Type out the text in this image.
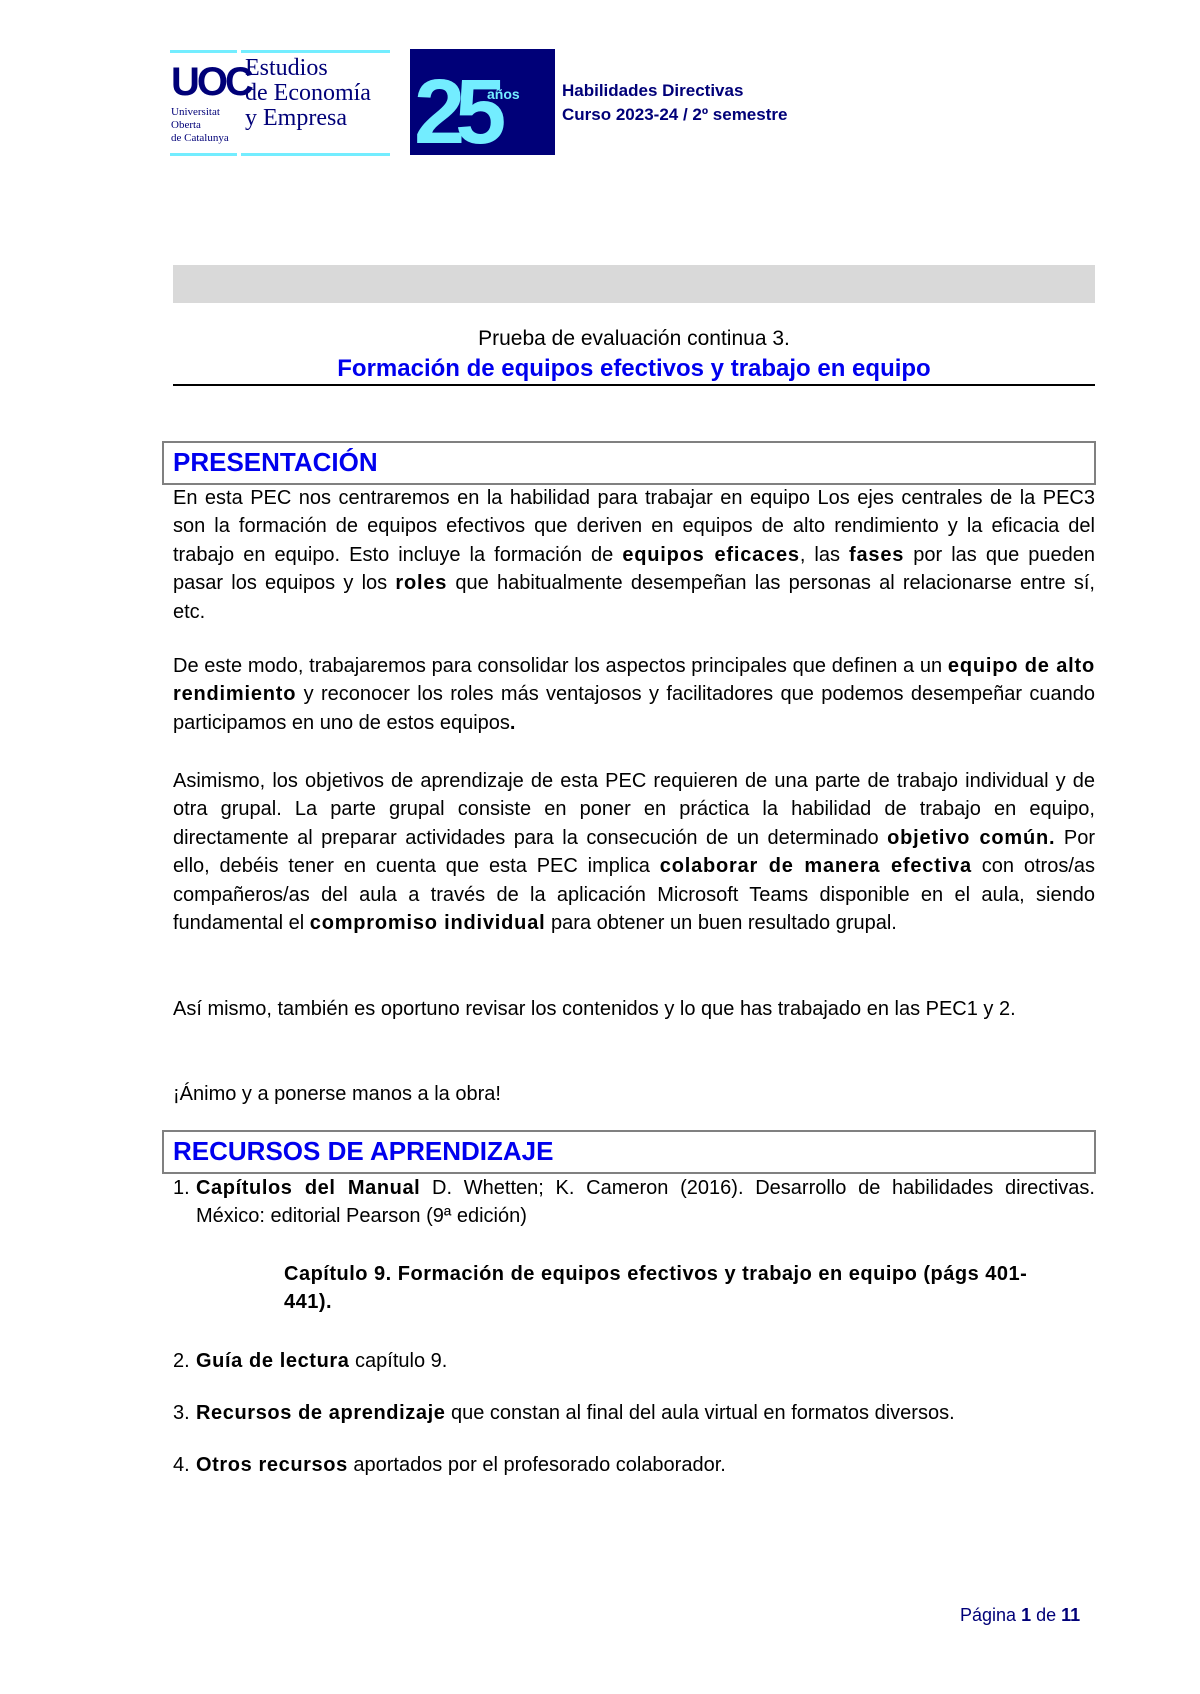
UOC
Universitat
Oberta
de Catalunya
Estudios
de Economía
y Empresa 25
años Habilidades Directivas
Curso 2023-24 / 2º semestre
Prueba de evaluación continua 3.
Formación de equipos efectivos y trabajo en equipo
PRESENTACIÓN

En esta PEC nos centraremos en la habilidad para trabajar en equipo Los ejes centrales de la PEC3 son la formación de equipos efectivos que deriven en equipos de alto rendimiento y la eficacia del trabajo en equipo. Esto incluye la formación de equipos eficaces, las fases por las que pueden pasar los equipos y los roles que habitualmente desempeñan las personas al relacionarse entre sí, etc.

De este modo, trabajaremos para consolidar los aspectos principales que definen a un equipo de alto rendimiento y reconocer los roles más ventajosos y facilitadores que podemos desempeñar cuando participamos en uno de estos equipos.

Asimismo, los objetivos de aprendizaje de esta PEC requieren de una parte de trabajo individual y de otra grupal. La parte grupal consiste en poner en práctica la habilidad de trabajo en equipo, directamente al preparar actividades para la consecución de un determinado objetivo común. Por ello, debéis tener en cuenta que esta PEC implica colaborar de manera efectiva con otros/as compañeros/as del aula a través de la aplicación Microsoft Teams disponible en el aula, siendo fundamental el compromiso individual para obtener un buen resultado grupal.

Así mismo, también es oportuno revisar los contenidos y lo que has trabajado en las PEC1 y 2.

¡Ánimo y a ponerse manos a la obra!

RECURSOS DE APRENDIZAJE
1. Capítulos del Manual D. Whetten; K. Cameron (2016). Desarrollo de habilidades directivas. México: editorial Pearson (9ª edición)
Capítulo 9. Formación de equipos efectivos y trabajo en equipo (págs 401-441).
2. Guía de lectura capítulo 9.
3. Recursos de aprendizaje que constan al final del aula virtual en formatos diversos.
4. Otros recursos aportados por el profesorado colaborador.
Página 1 de 11
